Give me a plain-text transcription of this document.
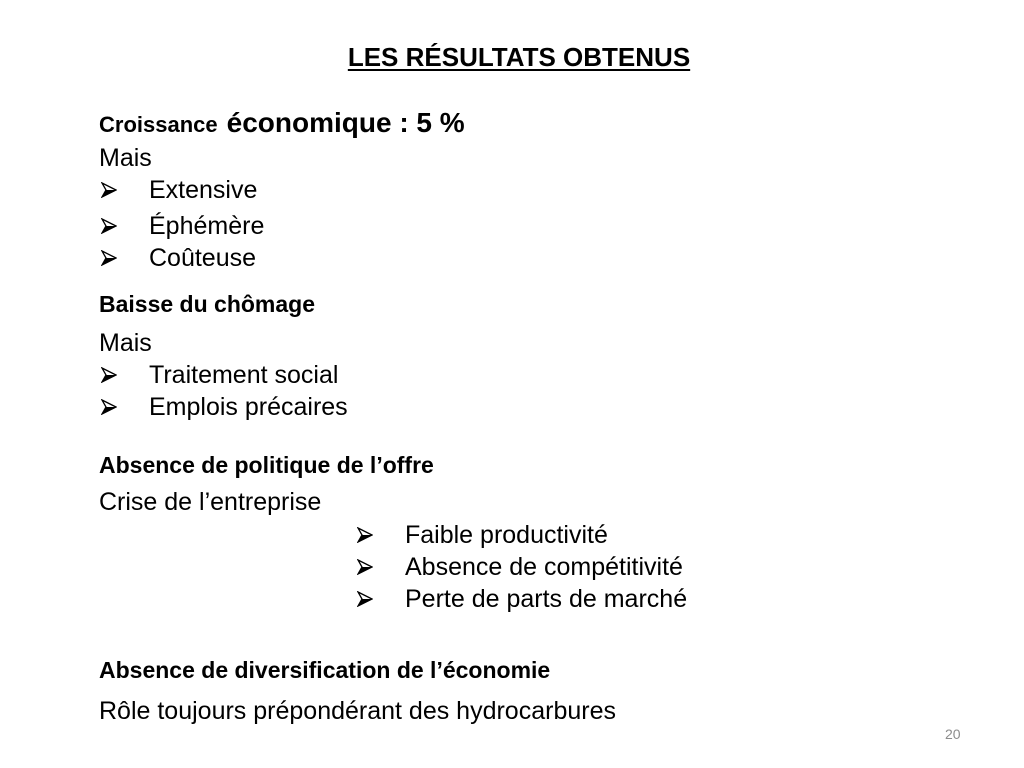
LES RÉSULTATS OBTENUS
Croissance économique : 5 %
Mais
Extensive
Éphémère
Coûteuse
Baisse du chômage
Mais
Traitement social
Emplois précaires
Absence de politique de l’offre
Crise de l’entreprise
Faible productivité
Absence de compétitivité
Perte de parts de marché
Absence de diversification de l’économie
Rôle toujours prépondérant des hydrocarbures
20
